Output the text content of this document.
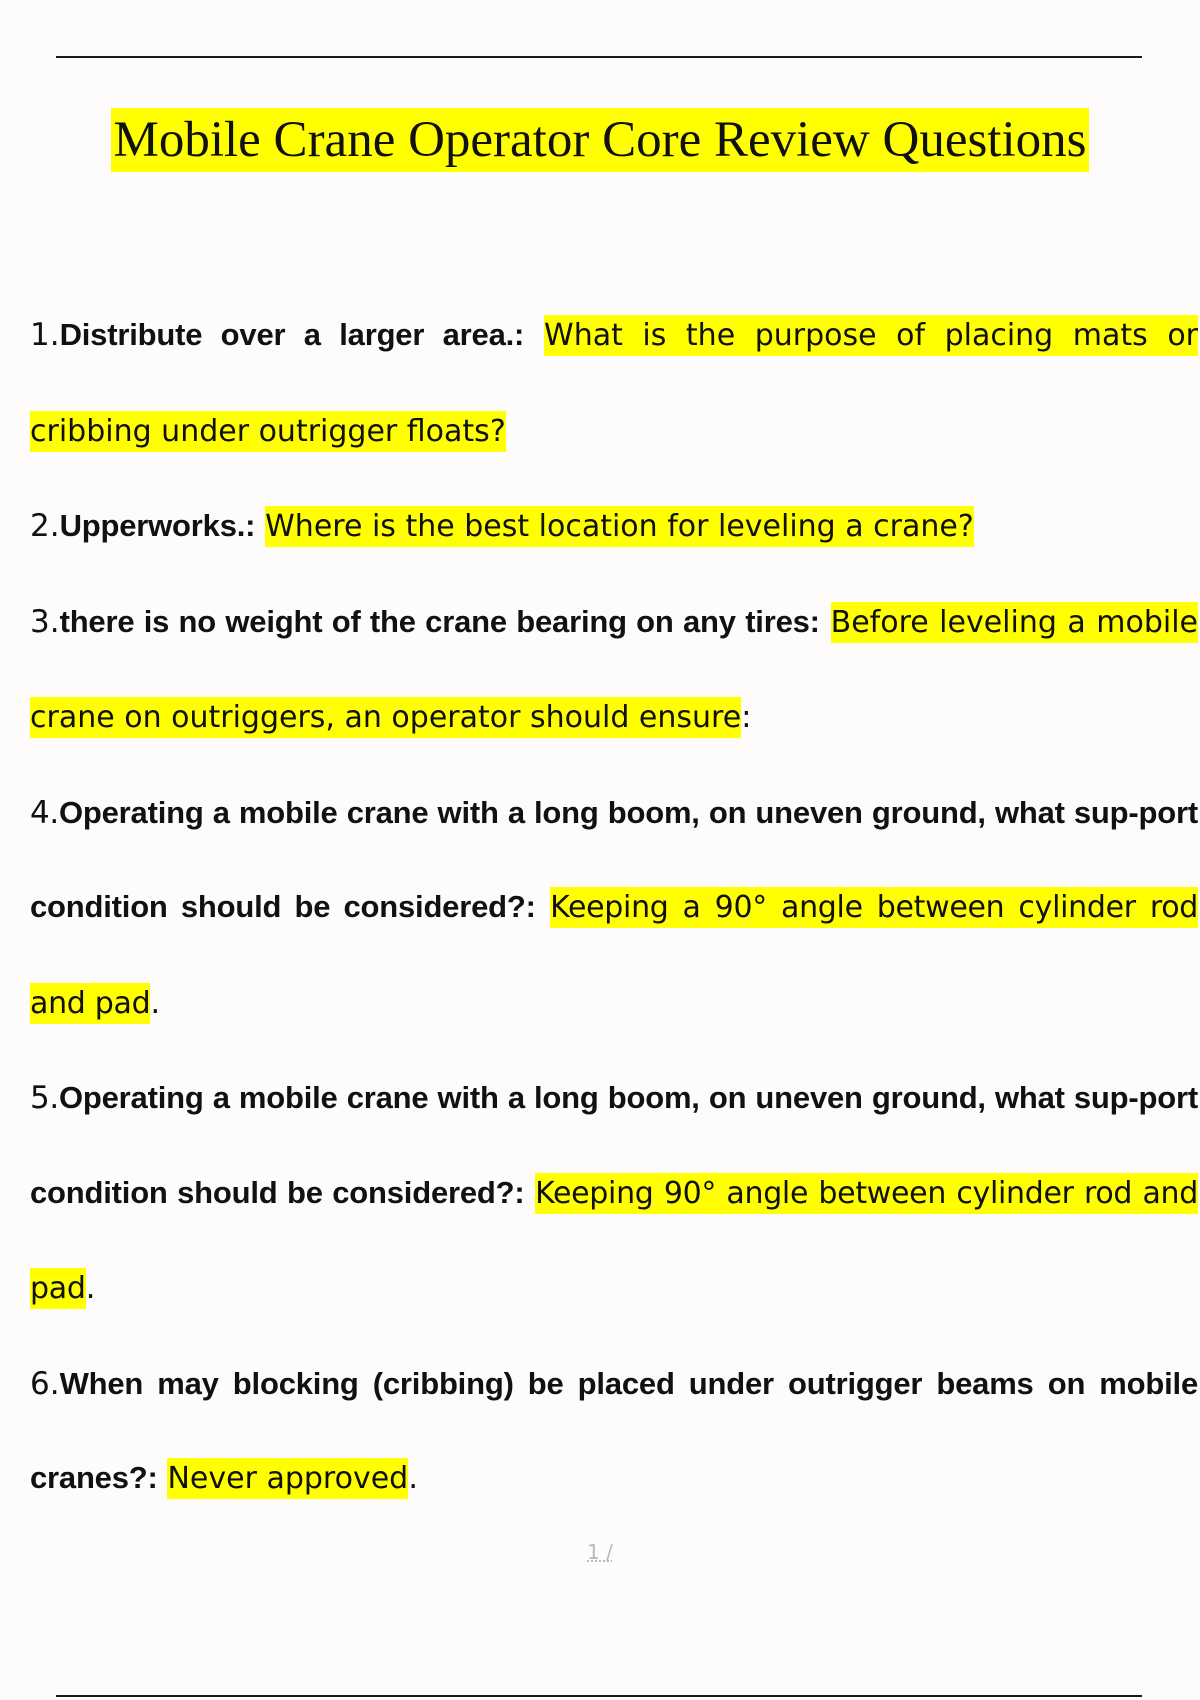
Mobile Crane Operator Core Review Questions
1.Distribute over a larger area.: What is the purpose of placing mats or cribbing under outrigger floats?
2.Upperworks.: Where is the best location for leveling a crane?
3.there is no weight of the crane bearing on any tires: Before leveling a mobile crane on outriggers, an operator should ensure:
4.Operating a mobile crane with a long boom, on uneven ground, what sup-port condition should be considered?: Keeping a 90° angle between cylinder rod and pad.
5.Operating a mobile crane with a long boom, on uneven ground, what sup-port condition should be considered?: Keeping 90° angle between cylinder rod and pad.
6.When may blocking (cribbing) be placed under outrigger beams on mobile cranes?: Never approved.
1 /
